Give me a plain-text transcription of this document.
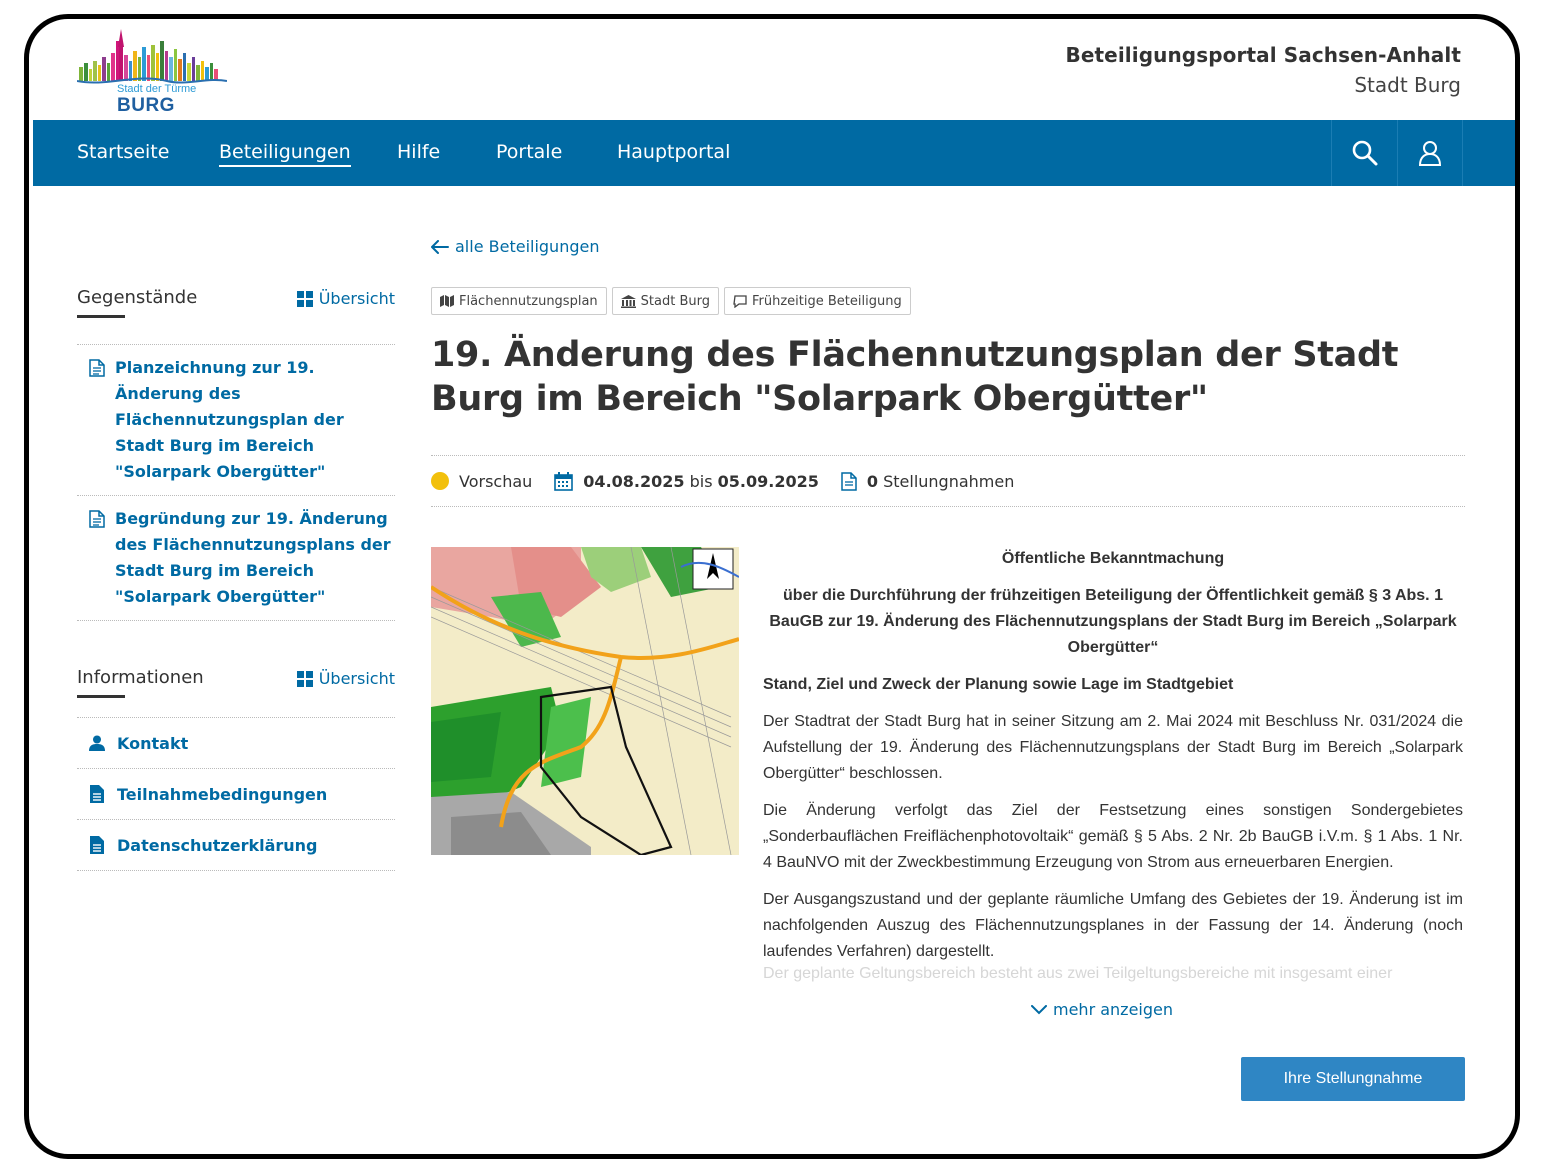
Stadt der Türme
BURG
Beteiligungsportal Sachsen-Anhalt
Stadt Burg
Startseite	Beteiligungen Hilfe	Portale	Hauptportal
Gegenstände	Übersicht
Planzeichnung zur 19. Änderung des Flächennutzungsplan der Stadt Burg im Bereich "Solarpark Obergütter"
Begründung zur 19. Änderung des Flächennutzungsplans der Stadt Burg im Bereich "Solarpark Obergütter"
Informationen	Übersicht
Kontakt
Teilnahmebedingungen
Datenschutzerklärung
alle Beteiligungen
Flächennutzungsplan	Stadt Burg	Frühzeitige Beteiligung
19. Änderung des Flächennutzungsplan der Stadt Burg im Bereich "Solarpark Obergütter"
Vorschau	04.08.2025 bis 05.09.2025	0 Stellungnahmen

Öffentliche Bekanntmachung

über die Durchführung der frühzeitigen Beteiligung der Öffentlichkeit gemäß § 3 Abs. 1 BauGB zur 19. Änderung des Flächennutzungsplans der Stadt Burg im Bereich „Solarpark Obergütter“

Stand, Ziel und Zweck der Planung sowie Lage im Stadtgebiet

Der Stadtrat der Stadt Burg hat in seiner Sitzung am 2. Mai 2024 mit Beschluss Nr. 031/2024 die Aufstellung der 19. Änderung des Flächennutzungsplans der Stadt Burg im Bereich „Solarpark Obergütter“ beschlossen.

Die Änderung verfolgt das Ziel der Festsetzung eines sonstigen Sondergebietes „Sonderbauflächen Freiflächenphotovoltaik“ gemäß § 5 Abs. 2 Nr. 2b BauGB i.V.m. § 1 Abs. 1 Nr. 4 BauNVO mit der Zweckbestimmung Erzeugung von Strom aus erneuerbaren Energien.

Der Ausgangszustand und der geplante räumliche Umfang des Gebietes der 19. Änderung ist im nachfolgenden Auszug des Flächennutzungsplanes in der Fassung der 14. Änderung (noch laufendes Verfahren) dargestellt.

Der geplante Geltungsbereich besteht aus zwei Teilgeltungsbereiche mit insgesamt einer
mehr anzeigen
Ihre Stellungnahme
